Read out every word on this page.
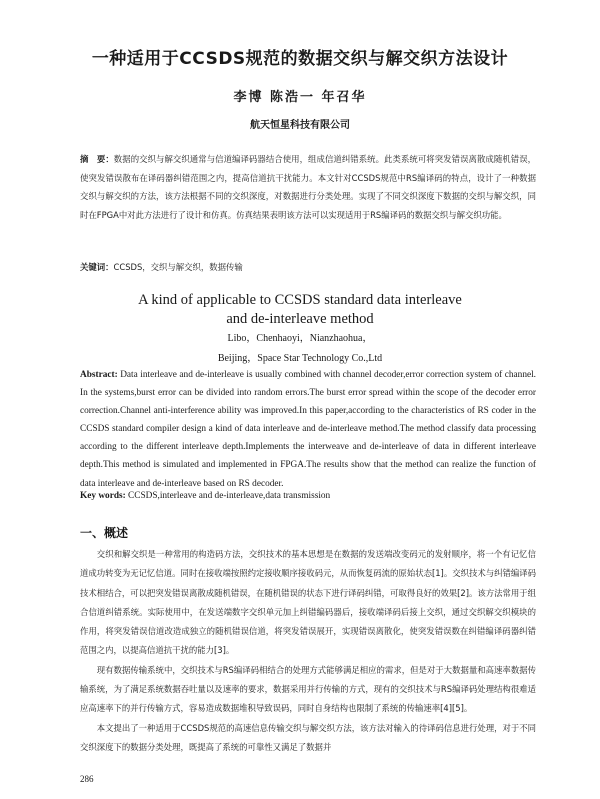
一种适用于CCSDS规范的数据交织与解交织方法设计
李博 陈浩一 年召华
航天恒星科技有限公司
摘　要：数据的交织与解交织通常与信道编译码器结合使用，组成信道纠错系统。此类系统可将突发错误离散成随机错误，使突发错误散布在译码器纠错范围之内，提高信道抗干扰能力。本文针对CCSDS规范中RS编译码的特点，设计了一种数据交织与解交织的方法，该方法根据不同的交织深度，对数据进行分类处理。实现了不同交织深度下数据的交织与解交织，同时在FPGA中对此方法进行了设计和仿真。仿真结果表明该方法可以实现适用于RS编译码的数据交织与解交织功能。
关键词：CCSDS，交织与解交织，数据传输
A kind of applicable to CCSDS standard data interleave
and de-interleave method
Libo，Chenhaoyi，Nianzhaohua，
Beijing，Space Star Technology Co.,Ltd
Abstract: Data interleave and de-interleave is usually combined with channel decoder,error correction system of channel. In the systems,burst error can be divided into random errors.The burst error spread within the scope of the decoder error correction.Channel anti-interference ability was improved.In this paper,according to the characteristics of RS coder in the CCSDS standard compiler design a kind of data interleave and de-interleave method.The method classify data processing according to the different interleave depth.Implements the interweave and de-interleave of data in different interleave depth.This method is simulated and implemented in FPGA.The results show that the method can realize the function of data interleave and de-interleave based on RS decoder.
Key words: CCSDS,interleave and de-interleave,data transmission
一、概述

交织和解交织是一种常用的构造码方法，交织技术的基本思想是在数据的发送端改变码元的发射顺序，将一个有记忆信道成功转变为无记忆信道。同时在接收端按照约定接收顺序接收码元，从而恢复码流的原始状态[1]。交织技术与纠错编译码技术相结合，可以把突发错误离散成随机错误，在随机错误的状态下进行译码纠错，可取得良好的效果[2]。该方法常用于组合信道纠错系统。实际使用中，在发送端数字交织单元加上纠错编码器后，接收端译码后接上交织，通过交织解交织模块的作用，将突发错误信道改造成独立的随机错误信道，将突发错误展开，实现错误离散化，使突发错误数在纠错编译码器纠错范围之内，以提高信道抗干扰的能力[3]。

现有数据传输系统中，交织技术与RS编译码相结合的处理方式能够满足相应的需求，但是对于大数据量和高速率数据传输系统，为了满足系统数据吞吐量以及速率的要求，数据采用并行传输的方式，现有的交织技术与RS编译码处理结构很难适应高速率下的并行传输方式，容易造成数据堆积导致误码，同时自身结构也限制了系统的传输速率[4][5]。

本文提出了一种适用于CCSDS规范的高速信息传输交织与解交织方法，该方法对输入的待译码信息进行处理，对于不同交织深度下的数据分类处理，既提高了系统的可靠性又满足了数据并

286
